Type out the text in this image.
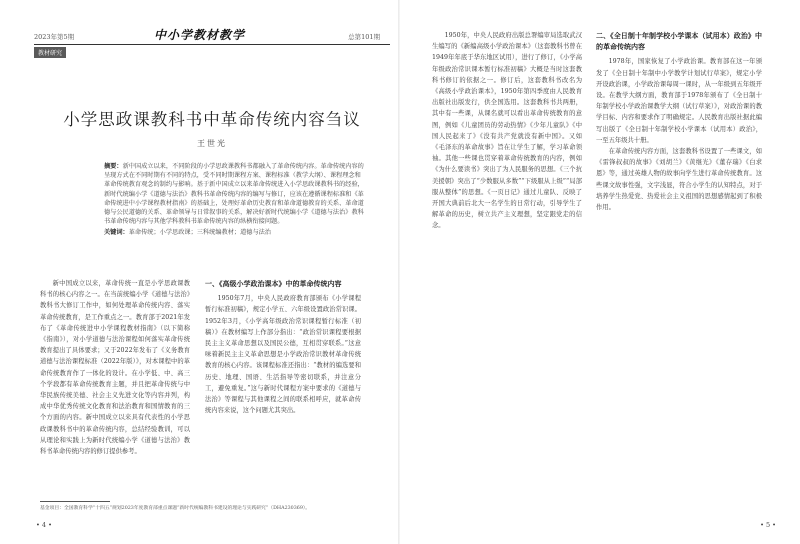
2023年第5期	中小学教材教学	总第101期
教材研究
小学思政课教科书中革命传统内容刍议
王世光
摘要：新中国成立以来，不同阶段的小学思政课教科书都融入了革命传统内容。革命传统内容的呈现方式在不同时期有不同的特点，受不同时期课程方案、课程标准（教学大纲）、课程理念和革命传统教育观念的制约与影响。基于新中国成立以来革命传统进入小学思政课教科书的经验，新时代统编小学《道德与法治》教科书革命传统内容的编写与修订，应该在遵循课程标准和《革命传统进中小学课程教材指南》的基础上，处理好革命历史教育和革命道德教育的关系、革命道德与公民道德的关系、革命领导与日常叙事的关系，解决好新时代统编小学《道德与法治》教科书革命传统内容与其他学科教科书革命传统内容的纵横衔接问题。
关键词：革命传统；小学思政课；三科统编教材；道德与法治

新中国成立以来，革命传统一直是小学思政课教科书的核心内容之一。在当前统编小学《道德与法治》教科书大修订工作中，如何处理革命传统内容、落实革命传统教育，是工作重点之一。教育部于2021年发布了《革命传统进中小学课程教材指南》（以下简称《指南》），对小学道德与法治课程如何落实革命传统教育提出了具体要求；又于2022年发布了《义务教育道德与法治课程标准（2022年版）》，对本课程中的革命传统教育作了一体化的设计。在小学低、中、高三个学段都有革命传统教育主题，并且把革命传统与中华民族传统美德、社会主义先进文化等内容并列，构成中华优秀传统文化教育和法治教育和国情教育的三个方面的内容。新中国成立以来具有代表性的小学思政课教科书中的革命传统内容，总结经验教训，可以从理论和实践上为新时代统编小学《道德与法治》教科书革命传统内容的修订提供参考。

一、《高级小学政治课本》中的革命传统内容

1950年7月，中央人民政府教育部颁布《小学课程暂行标准初稿》，规定小学五、六年级设置政治常识课。1952年3月，《小学高年级政治常识课程暂行标准（初稿）》在教材编写上作部分指出：“政治常识课程要根据民主主义革命思想以及国民公德，互相贯穿联系。”这意味着新民主主义革命思想是小学政治常识教材革命传统教育的核心内容。该课程标准还指出：“教材的编选要和历史、地理、国语、生活指导等密切联系，并注意分工，避免重复。”这与新时代课程方案中要求的《道德与法治》等课程与其他课程之间的联系相呼应，就革命传统内容来说，这个问题尤其突出。

基金项目：全国教育科学“十四五”规划2023年度教育部重点课题“新时代统编教科书建设的理论与实践研究”（DHA230369）。
• 4 •

1950年，中央人民政府出版总署编审局选取武汉生编写的《新编高级小学政治课本》（这套教科书曾在1949年年底于华东地区试用），进行了修订，《小学高年级政治常识课本暂行标准初稿》大概是当时这套教科书修订的依据之一。修订后，这套教科书改名为《高级小学政治课本》，1950年第四季度由人民教育出版社出版发行，供全国选用。这套教科书共两册，其中有一些课，从课名就可以看出革命传统教育的意图，例如《儿童团员的劳动热情》《少年儿童队》《中国人民起来了》《没有共产党就没有新中国》。又如《毛泽东的革命故事》旨在让学生了解，学习革命领袖。其他一些课也贯穿着革命传统教育的内容，例如《为什么要读书》突出了为人民服务的思想。《三个抗美援朝》突出了“少数服从多数”“下级服从上级”“局部服从整体”的思想。《一页日记》通过儿童队、反映了开国大典前后北大一名学生的日常行动，引导学生了解革命的历史，树立共产主义理想，坚定跟党走的信念。

二、《全日制十年制学校小学课本（试用本）政治》中的革命传统内容

1978年，国家恢复了小学政治课。教育部在这一年颁发了《全日制十年制中小学教学计划试行草案》，规定小学开设政治课，小学政治课每周一课时，从一年级到五年级开设。在教学大纲方面，教育部于1978年颁布了《全日制十年制学校小学政治课教学大纲（试行草案）》，对政治课的教学目标、内容和要求作了明确规定。人民教育出版社据此编写出版了《全日制十年制学校小学课本（试用本）政治》，一至五年级共十册。

在革命传统内容方面，这套教科书设置了一些课文，如《雷锋叔叔的故事》《刘胡兰》《黄继光》《董存瑞》《白求恩》等，通过英雄人物的故事向学生进行革命传统教育。这些课文故事性强，文字浅显，符合小学生的认知特点，对于培养学生热爱党、热爱社会主义祖国的思想感情起到了积极作用。

• 5 •
